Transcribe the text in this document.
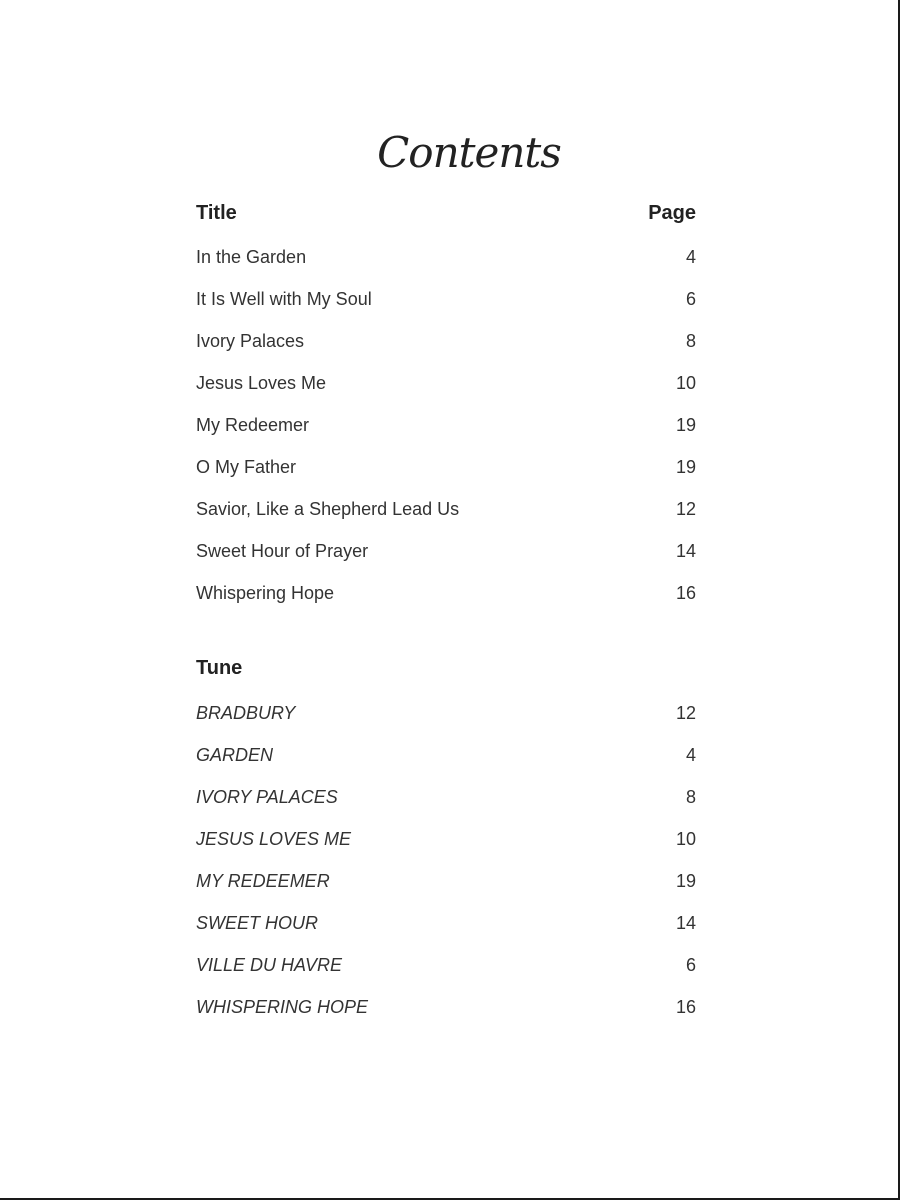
Contents
Title	Page
In the Garden	4
It Is Well with My Soul	6
Ivory Palaces	8
Jesus Loves Me	10
My Redeemer	19
O My Father	19
Savior, Like a Shepherd Lead Us	12
Sweet Hour of Prayer	14
Whispering Hope	16
Tune
BRADBURY	12
GARDEN	4
IVORY PALACES	8
JESUS LOVES ME	10
MY REDEEMER	19
SWEET HOUR	14
VILLE DU HAVRE	6
WHISPERING HOPE	16
